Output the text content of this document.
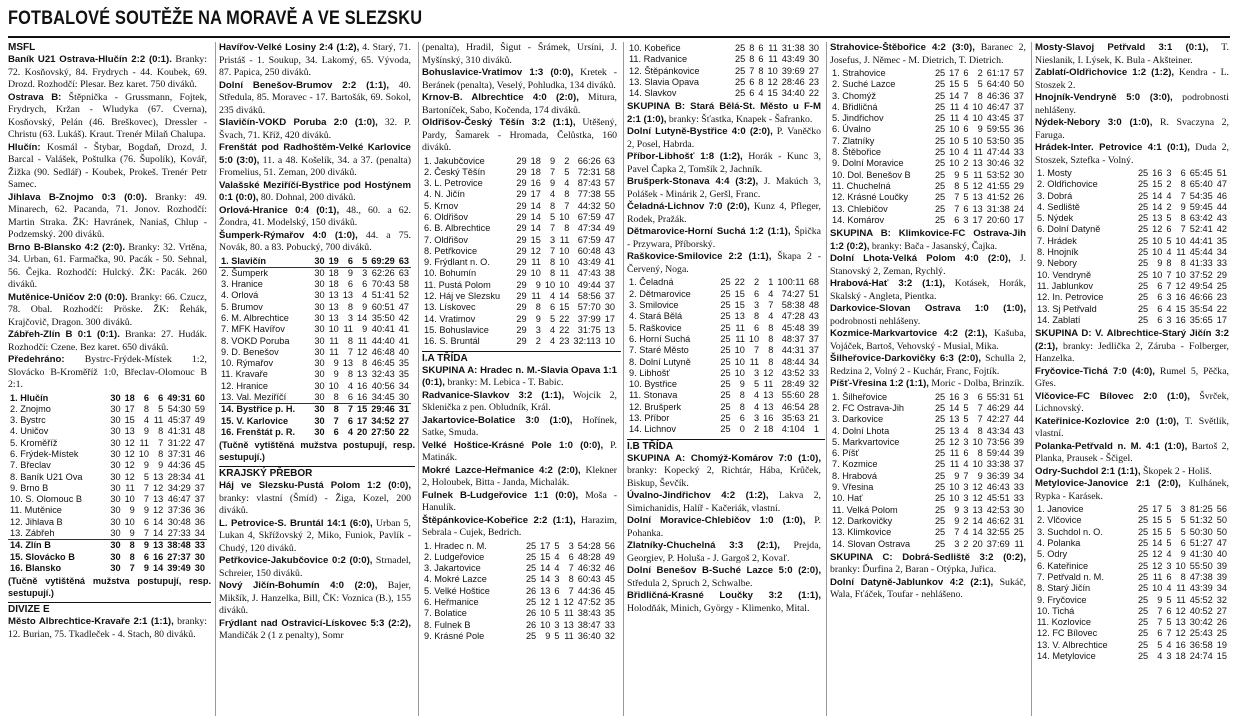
FOTBALOVÉ SOUTĚŽE NA MORAVĚ A VE SLEZSKU
MSFL

Baník U21 Ostrava-Hlučín 2:2 (0:1). Branky: 72. Kosňovský, 84. Frydrych - 44. Koubek, 69. Drozd. Rozhodčí: Plesar. Bez karet. 750 diváků.

Ostrava B: Štěpnička - Grussmann, Fojtek, Frydrych, Kržan - Wludyka (67. Cverna), Kosňovský, Pelán (46. Breškovec), Dressler - Christu (63. Lukáš). Kraut. Trenér Milaň Chalupa.

Hlučín: Kosmál - Štybar, Bogdaň, Drozd, J. Barcal - Valášek, Poštulka (76. Šupolík), Kovář, Žižka (90. Sedlář) - Koubek, Prokeš. Trenér Petr Samec.

Jihlava B-Znojmo 0:3 (0:0). Branky: 49. Minarech, 62. Pacanda, 71. Jonov. Rozhodčí: Martin Straka. ŽK: Havránek, Naniaš, Chlup - Podzemský. 200 diváků.

Brno B-Blansko 4:2 (2:0). Branky: 32. Vrtěna, 34. Urban, 61. Farmačka, 90. Pacák - 50. Sehnal, 56. Čejka. Rozhodčí: Hulcký. ŽK: Pacák. 260 diváků.

Mutěnice-Uničov 2:0 (0:0). Branky: 66. Czucz, 78. Obal. Rozhodčí: Pröske. ŽK: Řehák, Krajčovič, Dragon. 300 diváků.

Zábřeh-Zlín B 0:1 (0:1). Branka: 27. Hudák. Rozhodčí: Czene. Bez karet. 650 diváků.

Předehráno: Bystrc-Frýdek-Místek 1:2, Slovácko B-Kroměříž 1:0, Břeclav-Olomouc B 2:1.

1. Hlučín	30	18	6	6	49:31	60
2. Znojmo	30	17	8	5	54:30	59
3. Bystrc	30	15	4	11	45:37	49
4. Uničov	30	13	9	8	41:31	48
5. Kroměříž	30	12	11	7	31:22	47
6. Frýdek-Místek	30	12	10	8	37:31	46
7. Břeclav	30	12	9	9	44:36	45
8. Baník U21 Ova	30	12	5	13	28:34	41
9. Brno B	30	11	7	12	34:29	37
10. S. Olomouc B	30	10	7	13	46:47	37
11. Mutěnice	30	9	9	12	37:36	36
12. Jihlava B	30	10	6	14	30:48	36
13. Zábřeh	30	9	7	14	27:33	34
14. Zlín B	30	8	9	13	38:48	33
15. Slovácko B	30	8	6	16	27:37	30
16. Blansko	30	7	9	14	39:49	30
(Tučně vytištěná mužstva postupují, resp. sestupují.)
DIVIZE E

Město Albrechtice-Kravaře 2:1 (1:1), branky: 12. Burian, 75. Tkadleček - 4. Stach, 80 diváků.

Havířov-Velké Losiny 2:4 (1:2), 4. Starý, 71. Pristáš - 1. Soukup, 34. Lakomý, 65. Vývoda, 87. Papica, 250 diváků.

Dolní Benešov-Brumov 2:2 (1:1), 40. Středula, 85. Moravec - 17. Bartošák, 69. Sokol, 235 diváků.

Slavičín-VOKD Poruba 2:0 (1:0), 32. P. Švach, 71. Kříž, 420 diváků.

Frenštát pod Radhoštěm-Velké Karlovice 5:0 (3:0), 11. a 48. Košelík, 34. a 37. (penalta) Fromelius, 51. Zeman, 200 diváků.

Valašské Meziříčí-Bystřice pod Hostýnem 0:1 (0:0), 80. Dohnal, 200 diváků.

Orlová-Hranice 0:4 (0:1), 48., 60. a 62. Žondra, 41. Modelský, 150 diváků.

Šumperk-Rýmařov 4:0 (1:0), 44. a 75. Novák, 80. a 83. Pobucký, 700 diváků.

1. Slavičín	30	19	6	5	69:29	63
2. Šumperk	30	18	9	3	62:26	63
3. Hranice	30	18	6	6	70:43	58
4. Orlová	30	13	13	4	51:41	52
5. Brumov	30	13	8	9	60:51	47
6. M. Albrechtice	30	13	3	14	35:50	42
7. MFK Havířov	30	10	11	9	40:41	41
8. VOKD Poruba	30	11	8	11	44:40	41
9. D. Benešov	30	11	7	12	46:48	40
10. Rýmařov	30	9	13	8	46:45	35
11. Kravaře	30	9	8	13	32:43	35
12. Hranice	30	10	4	16	40:56	34
13. Val. Meziříčí	30	8	6	16	34:45	30
14. Bystřice p. H.	30	8	7	15	29:46	31
15. V. Karlovice	30	7	6	17	34:52	27
16. Frenštát p. R.	30	6	4	20	27:50	22
(Tučně vytištěná mužstva postupují, resp. sestupují.)
KRAJSKÝ PŘEBOR

Háj ve Slezsku-Pustá Polom 1:2 (0:0), branky: vlastní (Šmíd) - Žiga, Kozel, 200 diváků.

L. Petrovice-S. Bruntál 14:1 (6:0), Urban 5, Lukan 4, Skřížovský 2, Miko, Funiok, Pavlík - Chudý, 120 diváků.

Petřkovice-Jakubčovice 0:2 (0:0), Strnadel, Schreier, 150 diváků.

Nový Jičín-Bohumín 4:0 (2:0), Bajer, Mikšík, J. Hanzelka, Bill, ČK: Voznica (B.), 155 diváků.

Frýdlant nad Ostravicí-Lískovec 5:3 (2:2), Mandičák 2 (1 z penalty), Somr

(penalta), Hradil, Šigut - Šrámek, Ursíni, J. Myšínský, 310 diváků.

Bohuslavice-Vratimov 1:3 (0:0), Kretek - Beránek (penalta), Veselý, Pohludka, 134 diváků.

Krnov-B. Albrechtice 4:0 (2:0), Mitura, Bartoníček, Sabo, Kočenda, 174 diváků.

Oldřišov-Český Těšín 3:2 (1:1), Utěšený, Pardy, Šamarek - Hromada, Čelůstka, 160 diváků.

1. Jakubčovice	29	18	9	2	66:26	63
2. Český Těšín	29	18	7	5	72:31	58
3. L. Petrovice	29	16	9	4	87:43	57
4. N. Jičín	29	17	4	8	77:38	55
5. Krnov	29	14	8	7	44:32	50
6. Oldřišov	29	14	5	10	67:59	47
6. B. Albrechtice	29	14	7	8	47:34	49
7. Oldřišov	29	15	3	11	67:59	47
8. Petřkovice	29	12	7	10	60:48	43
9. Frýdlant n. O.	29	11	8	10	43:49	41
10. Bohumín	29	10	8	11	47:43	38
11. Pustá Polom	29	9	10	10	49:44	37
12. Háj ve Slezsku	29	11	4	14	58:56	37
13. Lískovec	29	8	6	15	57:70	30
14. Vratimov	29	9	5	22	37:99	17
15. Bohuslavice	29	3	4	22	31:75	13
16. S. Bruntál	29	2	4	23	32:113	10
I.A TŘÍDA

SKUPINA A: Hradec n. M.-Slavia Opava 1:1 (0:1), branky: M. Lebica - T. Babic.

Radvanice-Slavkov 3:2 (1:1), Wojcik 2, Sklenička z pen. Obludník, Král.

Jakartovice-Bolatice 3:0 (1:0), Hořínek, Satke, Smuda.

Velké Hoštice-Krásné Pole 1:0 (0:0), P. Matinák.

Mokré Lazce-Heřmanice 4:2 (2:0), Klekner 2, Holoubek, Bitta - Janda, Michalák.

Fulnek B-Ludgeřovice 1:1 (0:0), Moša - Hanulík.

Štěpánkovice-Kobeřice 2:2 (1:1), Harazim, Sebrala - Cujek, Bedrich.

1. Hradec n. M.	25	17	5	3	54:28	56
2. Ludgeřovice	25	15	4	6	48:28	49
3. Jakartovice	25	14	4	7	46:32	46
4. Mokré Lazce	25	14	3	8	60:43	45
5. Velké Hoštice	26	13	6	7	44:36	45
6. Heřmanice	25	12	1	12	47:52	35
7. Bolatice	26	10	5	11	38:43	35
8. Fulnek B	26	10	3	13	38:47	33
9. Krásné Pole	25	9	5	11	36:40	32
10. Kobeřice	25	8	6	11	31:38	30
11. Radvanice	25	8	6	11	43:49	30
12. Štěpánkovice	25	7	8	10	39:69	27
13. Slavia Opava	25	6	8	12	28:46	23
14. Slavkov	25	6	4	15	34:40	22

SKUPINA B: Stará Bělá-St. Město u F-M 2:1 (1:0), branky: Šťastka, Knapek - Šafranko.

Dolní Lutyně-Bystřice 4:0 (2:0), P. Vaněčko 2, Posel, Habrda.

Příbor-Libhošť 1:8 (1:2), Horák - Kunc 3, Pavel Čapka 2, Tomšík 2, Jachník.

Brušperk-Stonava 4:4 (3:2), J. Makúch 3, Polášek - Minárik 2, Geršl, Franc.

Čeladná-Lichnov 7:0 (2:0), Kunz 4, Pfleger, Rodek, Pražák.

Dětmarovice-Horní Suchá 1:2 (1:1), Špička - Przywara, Příborský.

Raškovice-Smilovice 2:2 (1:1), Škapa 2 - Červený, Noga.

1. Čeladná	25	22	2	1	100:11	68
2. Dětmarovice	25	15	6	4	74:27	51
3. Smilovice	25	15	3	7	58:38	48
4. Stará Bělá	25	13	8	4	47:28	43
5. Raškovice	25	11	6	8	45:48	39
6. Horní Suchá	25	11	10	8	48:37	37
7. Staré Město	25	10	7	8	44:31	37
8. Dolní Lutyně	25	10	11	8	48:44	34
9. Libhošť	25	10	3	12	43:52	33
10. Bystřice	25	9	5	11	28:49	32
11. Stonava	25	8	4	13	55:60	28
12. Brušperk	25	8	4	13	46:54	28
13. Příbor	25	6	3	16	35:63	21
14. Lichnov	25	0	2	18	4:104	1
I.B TŘÍDA

SKUPINA A: Chomýž-Komárov 7:0 (1:0), branky: Kopecký 2, Richtár, Hába, Krůček, Biskup, Ševčík.

Úvalno-Jindřichov 4:2 (1:2), Lakva 2, Simichanidis, Halíř - Kačeriák, vlastní.

Dolní Moravice-Chlebičov 1:0 (1:0), P. Pohanka.

Zlatníky-Chuchelná 3:3 (2:1), Prejda, Georgiev, P. Holuša - J. Gargoš 2, Kovaľ.

Dolní Benešov B-Suché Lazce 5:0 (2:0), Středula 2, Spruch 2, Schwalbe.

Břidličná-Krasné Loučky 3:2 (1:1), Holodňák, Minich, György - Klimenko, Mital.

Strahovice-Štěbořice 4:2 (3:0), Baranec 2, Josefus, J. Němec - M. Dietrich, T. Dietrich.

1. Strahovice	25	17	6	2	61:17	57
2. Suché Lazce	25	15	5	5	64:40	50
3. Chomýž	25	14	7	8	46:36	37
4. Břidličná	25	11	4	10	46:47	37
5. Jindřichov	25	11	4	10	43:45	37
6. Úvalno	25	10	6	9	59:55	36
7. Zlatníky	25	10	5	10	53:50	35
8. Štěbořice	25	10	4	11	47:44	33
9. Dolní Moravice	25	10	2	13	30:46	32
10. Dol. Benešov B	25	9	5	11	53:52	30
11. Chuchelná	25	8	5	12	41:55	29
12. Krásné Loučky	25	7	5	13	41:52	26
13. Chlebičov	25	7	6	13	31:38	24
14. Komárov	25	6	3	17	20:60	17

SKUPINA B: Klimkovice-FC Ostrava-Jih 1:2 (0:2), branky: Bača - Jasanský, Čajka.

Dolní Lhota-Velká Polom 4:0 (2:0), J. Stanovský 2, Zeman, Rychlý.

Hrabová-Hať 3:2 (1:1), Kotásek, Horák, Skalský - Angleta, Pientka.

Darkovice-Slovan Ostrava 1:0 (1:0), podrobnosti nehlášeny.

Kozmice-Markvartovice 4:2 (2:1), Kašuba, Vojáček, Bartoš, Vehovský - Musial, Mika.

Šilheřovice-Darkovičky 6:3 (2:0), Schulla 2, Redzina 2, Volný 2 - Kuchár, Franc, Fojtík.

Píšť-Vřesina 1:2 (1:1), Moric - Dolba, Brinzík.

1. Šilheřovice	25	16	3	6	55:31	51
2. FC Ostrava-Jih	25	14	5	7	46:29	44
3. Darkovice	25	13	5	7	42:27	44
4. Dolní Lhota	25	13	4	8	43:34	43
5. Markvartovice	25	12	3	10	73:56	39
6. Píšť	25	11	6	8	59:44	39
7. Kozmice	25	11	4	10	33:38	37
8. Hrabová	25	9	7	9	36:39	34
9. Vřesina	25	10	3	12	46:43	33
10. Hať	25	10	3	12	45:51	33
11. Velká Polom	25	9	3	13	42:53	30
12. Darkovičky	25	9	2	14	46:62	31
13. Klimkovice	25	7	4	14	32:55	25
14. Slovan Ostrava	25	3	2	20	37:69	11

SKUPINA C: Dobrá-Sedliště 3:2 (0:2), branky: Ďurfina 2, Baran - Otýpka, Juřica.

Dolní Datyně-Jablunkov 4:2 (2:1), Sukáč, Wala, Fťáček, Toufar - nehlášeno.

Mosty-Slavoj Petřvald 3:1 (0:1), T. Nieslanik, I. Lýsek, K. Bula - Akšteiner.

Zablatí-Oldřichovice 1:2 (1:2), Kendra - L. Stoszek 2.

Hnojník-Vendryně 5:0 (3:0), podrobnosti nehlášeny.

Nýdek-Nebory 3:0 (1:0), R. Svaczyna 2, Faruga.

Hrádek-Inter. Petrovice 4:1 (0:1), Duda 2, Stoszek, Sztefka - Volný.

1. Mosty	25	16	3	6	65:45	51
2. Oldřichovice	25	15	2	8	65:40	47
3. Dobrá	25	14	4	7	54:35	46
4. Sedliště	25	14	2	9	59:45	44
5. Nýdek	25	13	5	8	63:42	43
6. Dolní Datyně	25	12	6	7	52:41	42
7. Hrádek	25	10	5	10	44:41	35
8. Hnojník	25	10	4	11	45:44	34
9. Nebory	25	9	8	8	41:33	33
10. Vendryně	25	10	7	10	37:52	29
11. Jablunkov	25	6	7	12	49:54	25
12. In. Petrovice	25	6	3	16	46:66	23
13. Sj Petřvald	25	6	4	15	35:54	22
14. Zablatí	25	6	3	16	35:65	17

SKUPINA D: V. Albrechtice-Starý Jičín 3:2 (2:1), branky: Jedlička 2, Záruba - Folberger, Hanzelka.

Fryčovice-Tichá 7:0 (4:0), Rumel 5, Pěčka, Gřes.

Vlčovice-FC Bílovec 2:0 (1:0), Švrček, Lichnovský.

Kateřinice-Kozlovice 2:0 (1:0), T. Světlík, vlastní.

Polanka-Petřvald n. M. 4:1 (1:0), Bartoš 2, Planka, Prausek - Ščigel.

Odry-Suchdol 2:1 (1:1), Škopek 2 - Holiš.

Metylovice-Janovice 2:1 (2:0), Kulhánek, Rypka - Karásek.

1. Janovice	25	17	5	3	81:25	56
2. Vlčovice	25	15	5	5	51:32	50
3. Suchdol n. O.	25	15	5	5	50:30	50
4. Polanka	25	14	5	6	51:27	47
5. Odry	25	12	4	9	41:30	40
6. Kateřinice	25	12	3	10	55:50	39
7. Petřvald n. M.	25	11	6	8	47:38	39
8. Starý Jičín	25	10	4	11	43:39	34
9. Fryčovice	25	9	5	11	45:52	32
10. Tichá	25	7	6	12	40:52	27
11. Kozlovice	25	7	5	13	30:42	26
12. FC Bílovec	25	6	7	12	25:43	25
13. V. Albrechtice	25	5	4	16	36:58	19
14. Metylovice	25	4	3	18	24:74	15
